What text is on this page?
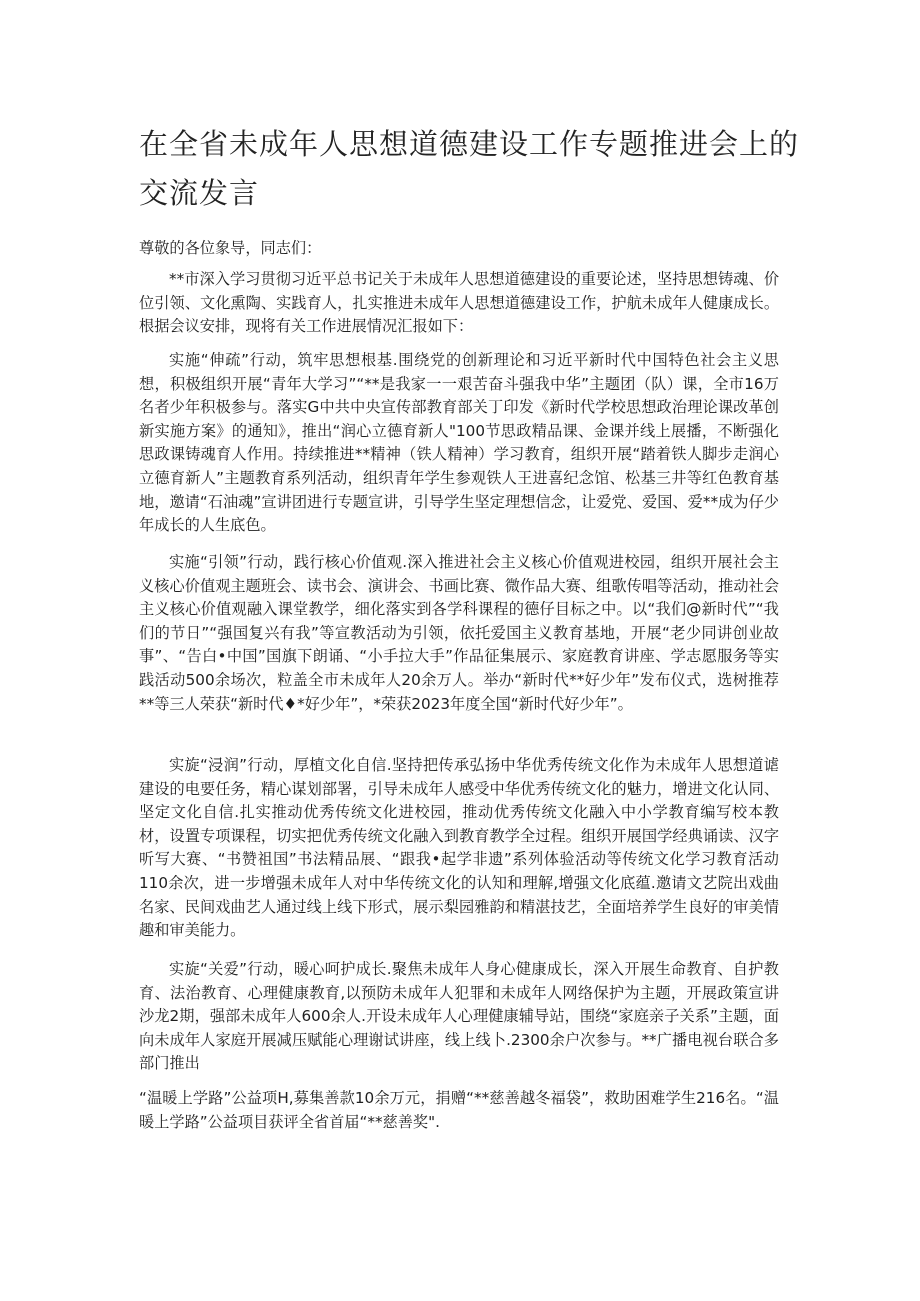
在全省未成年人思想道德建设工作专题推进会上的
交流发言

尊敬的各位象导，同志们：

**市深入学习贯彻习近平总书记关于未成年人思想道德建设的重要论述，坚持思想铸魂、价位引领、文化熏陶、实践育人，扎实推进未成年人思想道德建设工作，护航未成年人健康成长。根据会议安排，现将有关工作进展情况汇报如下：

实施“伸疏”行动，筑牢思想根基.围绕党的创新理论和习近平新时代中国特色社会主义思想，积极组织开展“青年大学习”“**是我家一一艰苦奋斗强我中华”主题团（队）课，全市16万名者少年积极参与。落实G中共中央宣传部教育部关丁印发《新时代学校思想政治理论课改革创新实施方案》的通知》，推出“润心立德育新人"100节思政精品课、金课并线上展播，不断强化思政课铸魂育人作用。持续推进**精神（铁人精神）学习教育，组织开展“踏着铁人脚步走润心立德育新人”主题教育系列活动，组织青年学生参观铁人王进喜纪念馆、松基三井等红色教育基地，邀请“石油魂”宣讲团进行专题宣讲，引导学生坚定理想信念，让爱党、爱国、爱**成为仔少年成长的人生底色。

实施“引领”行动，践行核心价值观.深入推进社会主义核心价值观进校园，组织开展社会主义核心价值观主题班会、读书会、演讲会、书画比赛、微作品大赛、组歌传唱等活动，推动社会主义核心价值观融入课堂教学，细化落实到各学科课程的德仔目标之中。以“我们@新时代”“我们的节日”“强国复兴有我”等宣教活动为引领，依托爱国主义教育基地，开展“老少同讲创业故事”、“告白•中国”国旗下朗诵、“小手拉大手”作品征集展示、家庭教育讲座、学志愿服务等实践活动500余场次，粒盖全市未成年人20余万人。举办“新时代**好少年”发布仪式，选树推荐**等三人荣获“新时代♦*好少年”，*荣获2023年度全国“新时代好少年”。

实旋“浸润”行动，厚植文化自信.坚持把传承弘扬中华优秀传统文化作为未成年人思想道谑建设的电要任务，精心谋划部署，引导未成年人感受中华优秀传统文化的魅力，增进文化认同、坚定文化自信.扎实推动优秀传统文化进校园，推动优秀传统文化融入中小学教育编写校本教材，设置专项课程，切实把优秀传统文化融入到教育教学全过程。组织开展国学经典诵读、汉字听写大赛、“书赞祖国”书法精品展、“跟我•起学非遗”系列体验活动等传统文化学习教育活动110余次，进一步增强未成年人对中华传统文化的认知和理解,增强文化底蕴.邀请文艺院出戏曲名家、民间戏曲艺人通过线上线下形式，展示梨园雅韵和精湛技艺，全面培养学生良好的审美情趣和审美能力。

实旋“关爱”行动，暖心呵护成长.聚焦未成年人身心健康成长，深入开展生命教育、自护教育、法治教育、心理健康教育,以预防未成年人犯罪和未成年人网络保护为主题，开展政策宣讲沙龙2期，强部未成年人600余人.开设未成年人心理健康辅导站，围绕“家庭亲子关系”主题，面向未成年人家庭开展减压赋能心理谢试讲座，线上线卜.2300余户次参与。**广播电视台联合多部门推出

“温暖上学路”公益项H,募集善款10余万元，捐赠“**慈善越冬福袋”，救助困难学生216名。“温暖上学路”公益项目获评全省首届“**慈善奖".
